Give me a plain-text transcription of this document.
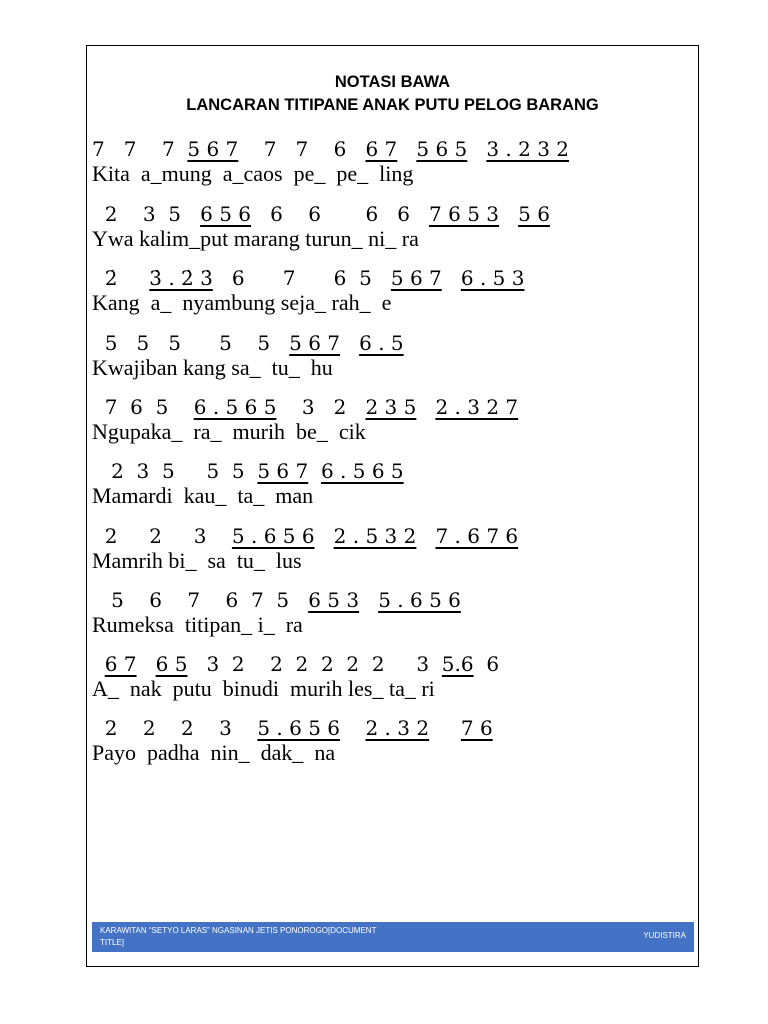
NOTASI BAWA
LANCARAN TITIPANE ANAK PUTU PELOG BARANG
7   7    7  5 6 7    7   7    6   6 7 5 6 5 3 . 2 3 2
Kita  a_mung  a_caos  pe_  pe_  ling
2    3  5   6 5 6   6    6       6   6   7 6 5 3 5 6
Ywa kalim_put marang turun_ ni_ ra
2̇     3̇ . 2̇ 3̇   6      7      6  5   5 6 7 6 . 5 3
Kang  a_  nyambung seja_ rah_  e
5   5   5      5    5   5 6 7 6 . 5
Kwajiban kang sa_  tu_  hu
7  6  5    6 . 5 6 5    3   2   2 3 5 2 . 3 2 7
Ngupaka_  ra_  murih  be_  cik
2  3  5     5  5  5 6 7 6 . 5 6 5
Mamardi  kau_  ta_  man
2     2     3    5 . 6 5 6 2 . 5 3 2 7 . 6 7 6
Mamrih bi_  sa  tu_  lus
5    6    7    6  7  5   6 5 3 5 . 6 5 6
Rumeksa  titipan_ i_  ra
6 7 6 5   3  2    2  2  2  2  2     3  5.6  6
A_  nak  putu  binudi  murih les_ ta_ ri
2    2    2    3    5 . 6 5 6 2 . 3 2 7 6
Payo  padha  nin_  dak_  na
KARAWITAN “SETYO LARAS” NGASINAN JETIS PONOROGO[DOCUMENT TITLE]
YUDISTIRA
